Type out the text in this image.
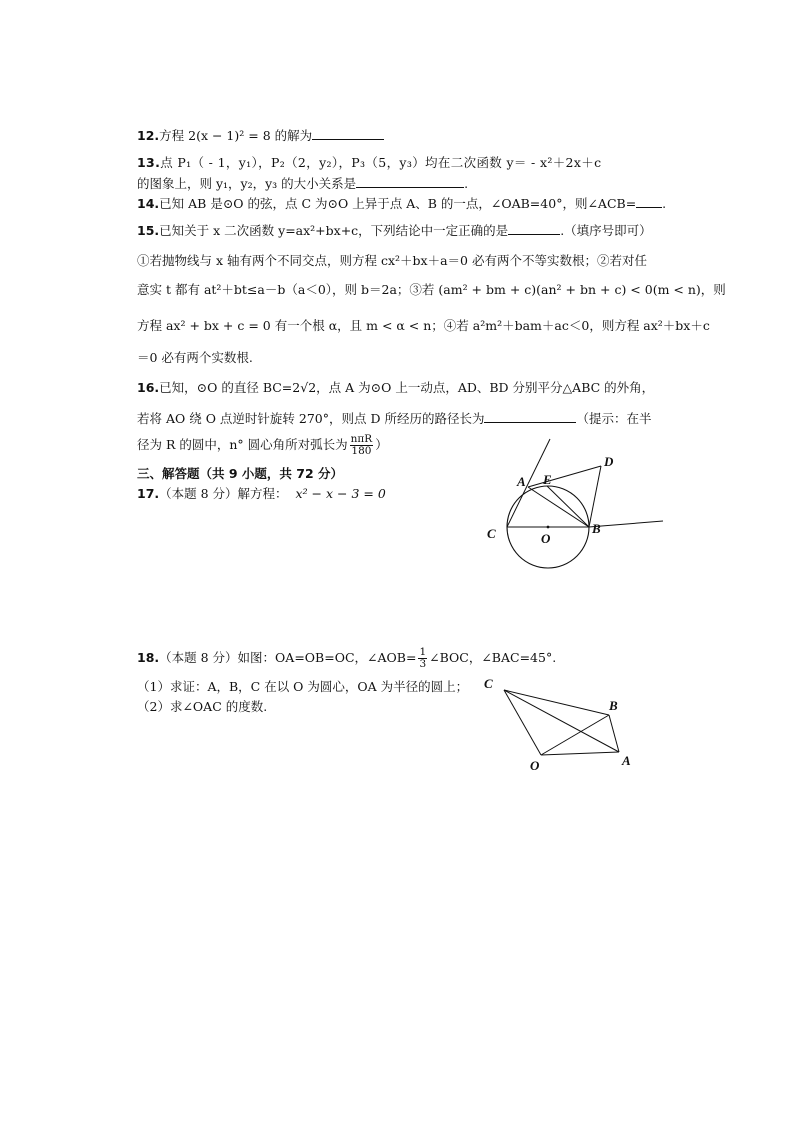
12.方程 2(x − 1)² = 8 的解为
13.点 P₁（ - 1，y₁），P₂（2，y₂），P₃（5，y₃）均在二次函数 y＝ - x²＋2x＋c
的图象上，则 y₁，y₂，y₃ 的大小关系是	.
14.已知 AB 是⊙O 的弦，点 C 为⊙O 上异于点 A、B 的一点，∠OAB=40°，则∠ACB= .
15.已知关于 x 二次函数 y=ax²+bx+c，下列结论中一定正确的是	.（填序号即可）
①若抛物线与 x 轴有两个不同交点，则方程 cx²＋bx＋a＝0 必有两个不等实数根；②若对任
意实 t 都有 at²＋bt≤a－b（a＜0），则 b＝2a；③若 (am² + bm + c)(an² + bn + c) < 0(m < n)，则
方程 ax² + bx + c = 0 有一个根 α，且 m < α < n；④若 a²m²＋bam＋ac＜0，则方程 ax²＋bx＋c
＝0 必有两个实数根.
16.已知，⊙O 的直径 BC=2√2，点 A 为⊙O 上一动点，AD、BD 分别平分△ABC 的外角，
若将 AO 绕 O 点逆时针旋转 270°，则点 D 所经历的路径长为	（提示：在半
径为 R 的圆中，n° 圆心角所对弧长为 $\frac{\text{nπR}}{180}$ ）
三、解答题（共 9 小题，共 72 分）
17.（本题 8 分）解方程： x² − x − 3 = 0
A E
D
B
C	O
18.（本题 8 分）如图：OA=OB=OC，∠AOB= $\frac{1}{3}$ ∠BOC，∠BAC=45°.
（1）求证：A，B，C 在以 O 为圆心，OA 为半径的圆上；
（2）求∠OAC 的度数.
C
B
O	A
